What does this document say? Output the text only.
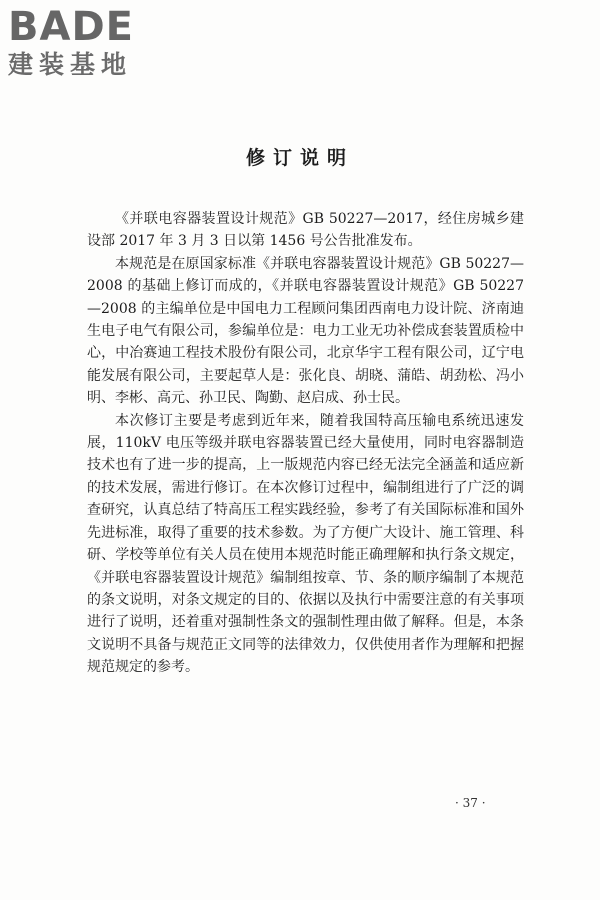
BADE
建装基地
修订说明

《并联电容器装置设计规范》GB 50227—2017，经住房城乡建设部 2017 年 3 月 3 日以第 1456 号公告批准发布。

本规范是在原国家标准《并联电容器装置设计规范》GB 50227—2008 的基础上修订而成的，《并联电容器装置设计规范》GB 50227—2008 的主编单位是中国电力工程顾问集团西南电力设计院、济南迪生电子电气有限公司，参编单位是：电力工业无功补偿成套装置质检中心，中冶赛迪工程技术股份有限公司，北京华宇工程有限公司，辽宁电能发展有限公司，主要起草人是：张化良、胡晓、蒲皓、胡劲松、冯小明、李彬、高元、孙卫民、陶勤、赵启成、孙士民。

本次修订主要是考虑到近年来，随着我国特高压输电系统迅速发展，110kV 电压等级并联电容器装置已经大量使用，同时电容器制造技术也有了进一步的提高，上一版规范内容已经无法完全涵盖和适应新的技术发展，需进行修订。在本次修订过程中，编制组进行了广泛的调查研究，认真总结了特高压工程实践经验，参考了有关国际标准和国外先进标准，取得了重要的技术参数。为了方便广大设计、施工管理、科研、学校等单位有关人员在使用本规范时能正确理解和执行条文规定，《并联电容器装置设计规范》编制组按章、节、条的顺序编制了本规范的条文说明，对条文规定的目的、依据以及执行中需要注意的有关事项进行了说明，还着重对强制性条文的强制性理由做了解释。但是，本条文说明不具备与规范正文同等的法律效力，仅供使用者作为理解和把握规范规定的参考。

· 37 ·
